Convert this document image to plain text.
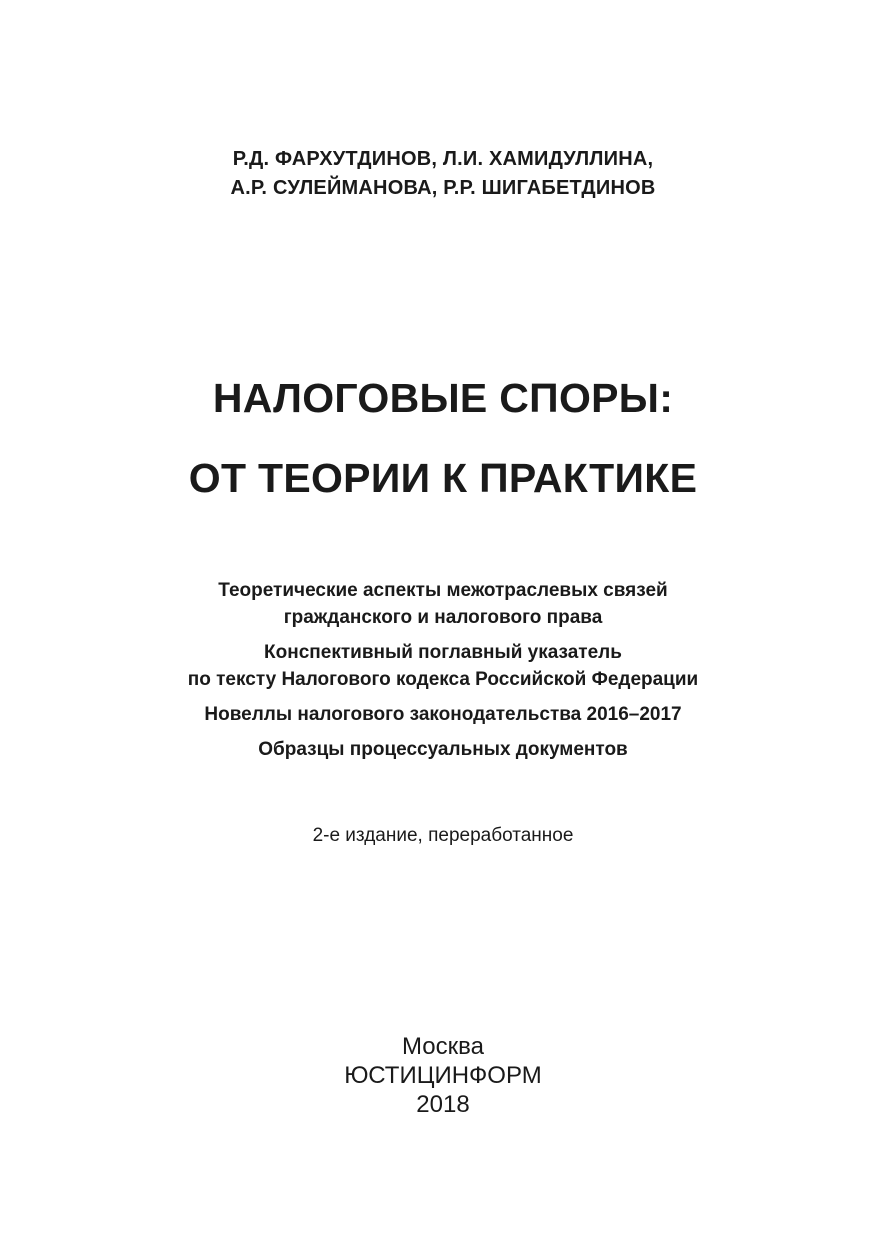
Р.Д. ФАРХУТДИНОВ, Л.И. ХАМИДУЛЛИНА,
А.Р. СУЛЕЙМАНОВА, Р.Р. ШИГАБЕТДИНОВ
НАЛОГОВЫЕ СПОРЫ:
ОТ ТЕОРИИ К ПРАКТИКЕ
Теоретические аспекты межотраслевых связей
гражданского и налогового права
Конспективный поглавный указатель
по тексту Налогового кодекса Российской Федерации
Новеллы налогового законодательства 2016–2017
Образцы процессуальных документов
2-е издание, переработанное
Москва
ЮСТИЦИНФОРМ
2018
